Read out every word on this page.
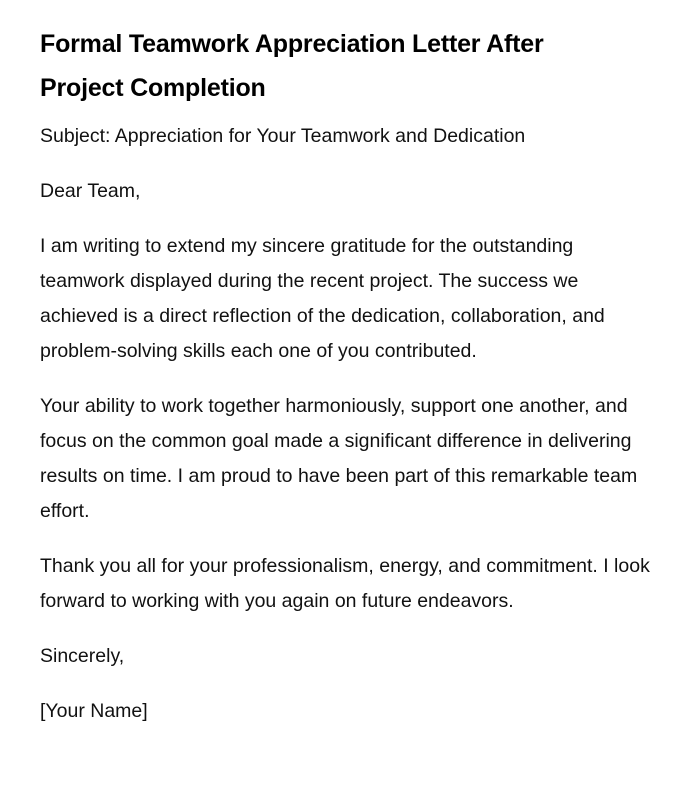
Formal Teamwork Appreciation Letter After Project Completion

Subject: Appreciation for Your Teamwork and Dedication

Dear Team,

I am writing to extend my sincere gratitude for the outstanding teamwork displayed during the recent project. The success we achieved is a direct reflection of the dedication, collaboration, and problem-solving skills each one of you contributed.

Your ability to work together harmoniously, support one another, and focus on the common goal made a significant difference in delivering results on time. I am proud to have been part of this remarkable team effort.

Thank you all for your professionalism, energy, and commitment. I look forward to working with you again on future endeavors.

Sincerely,

[Your Name]
